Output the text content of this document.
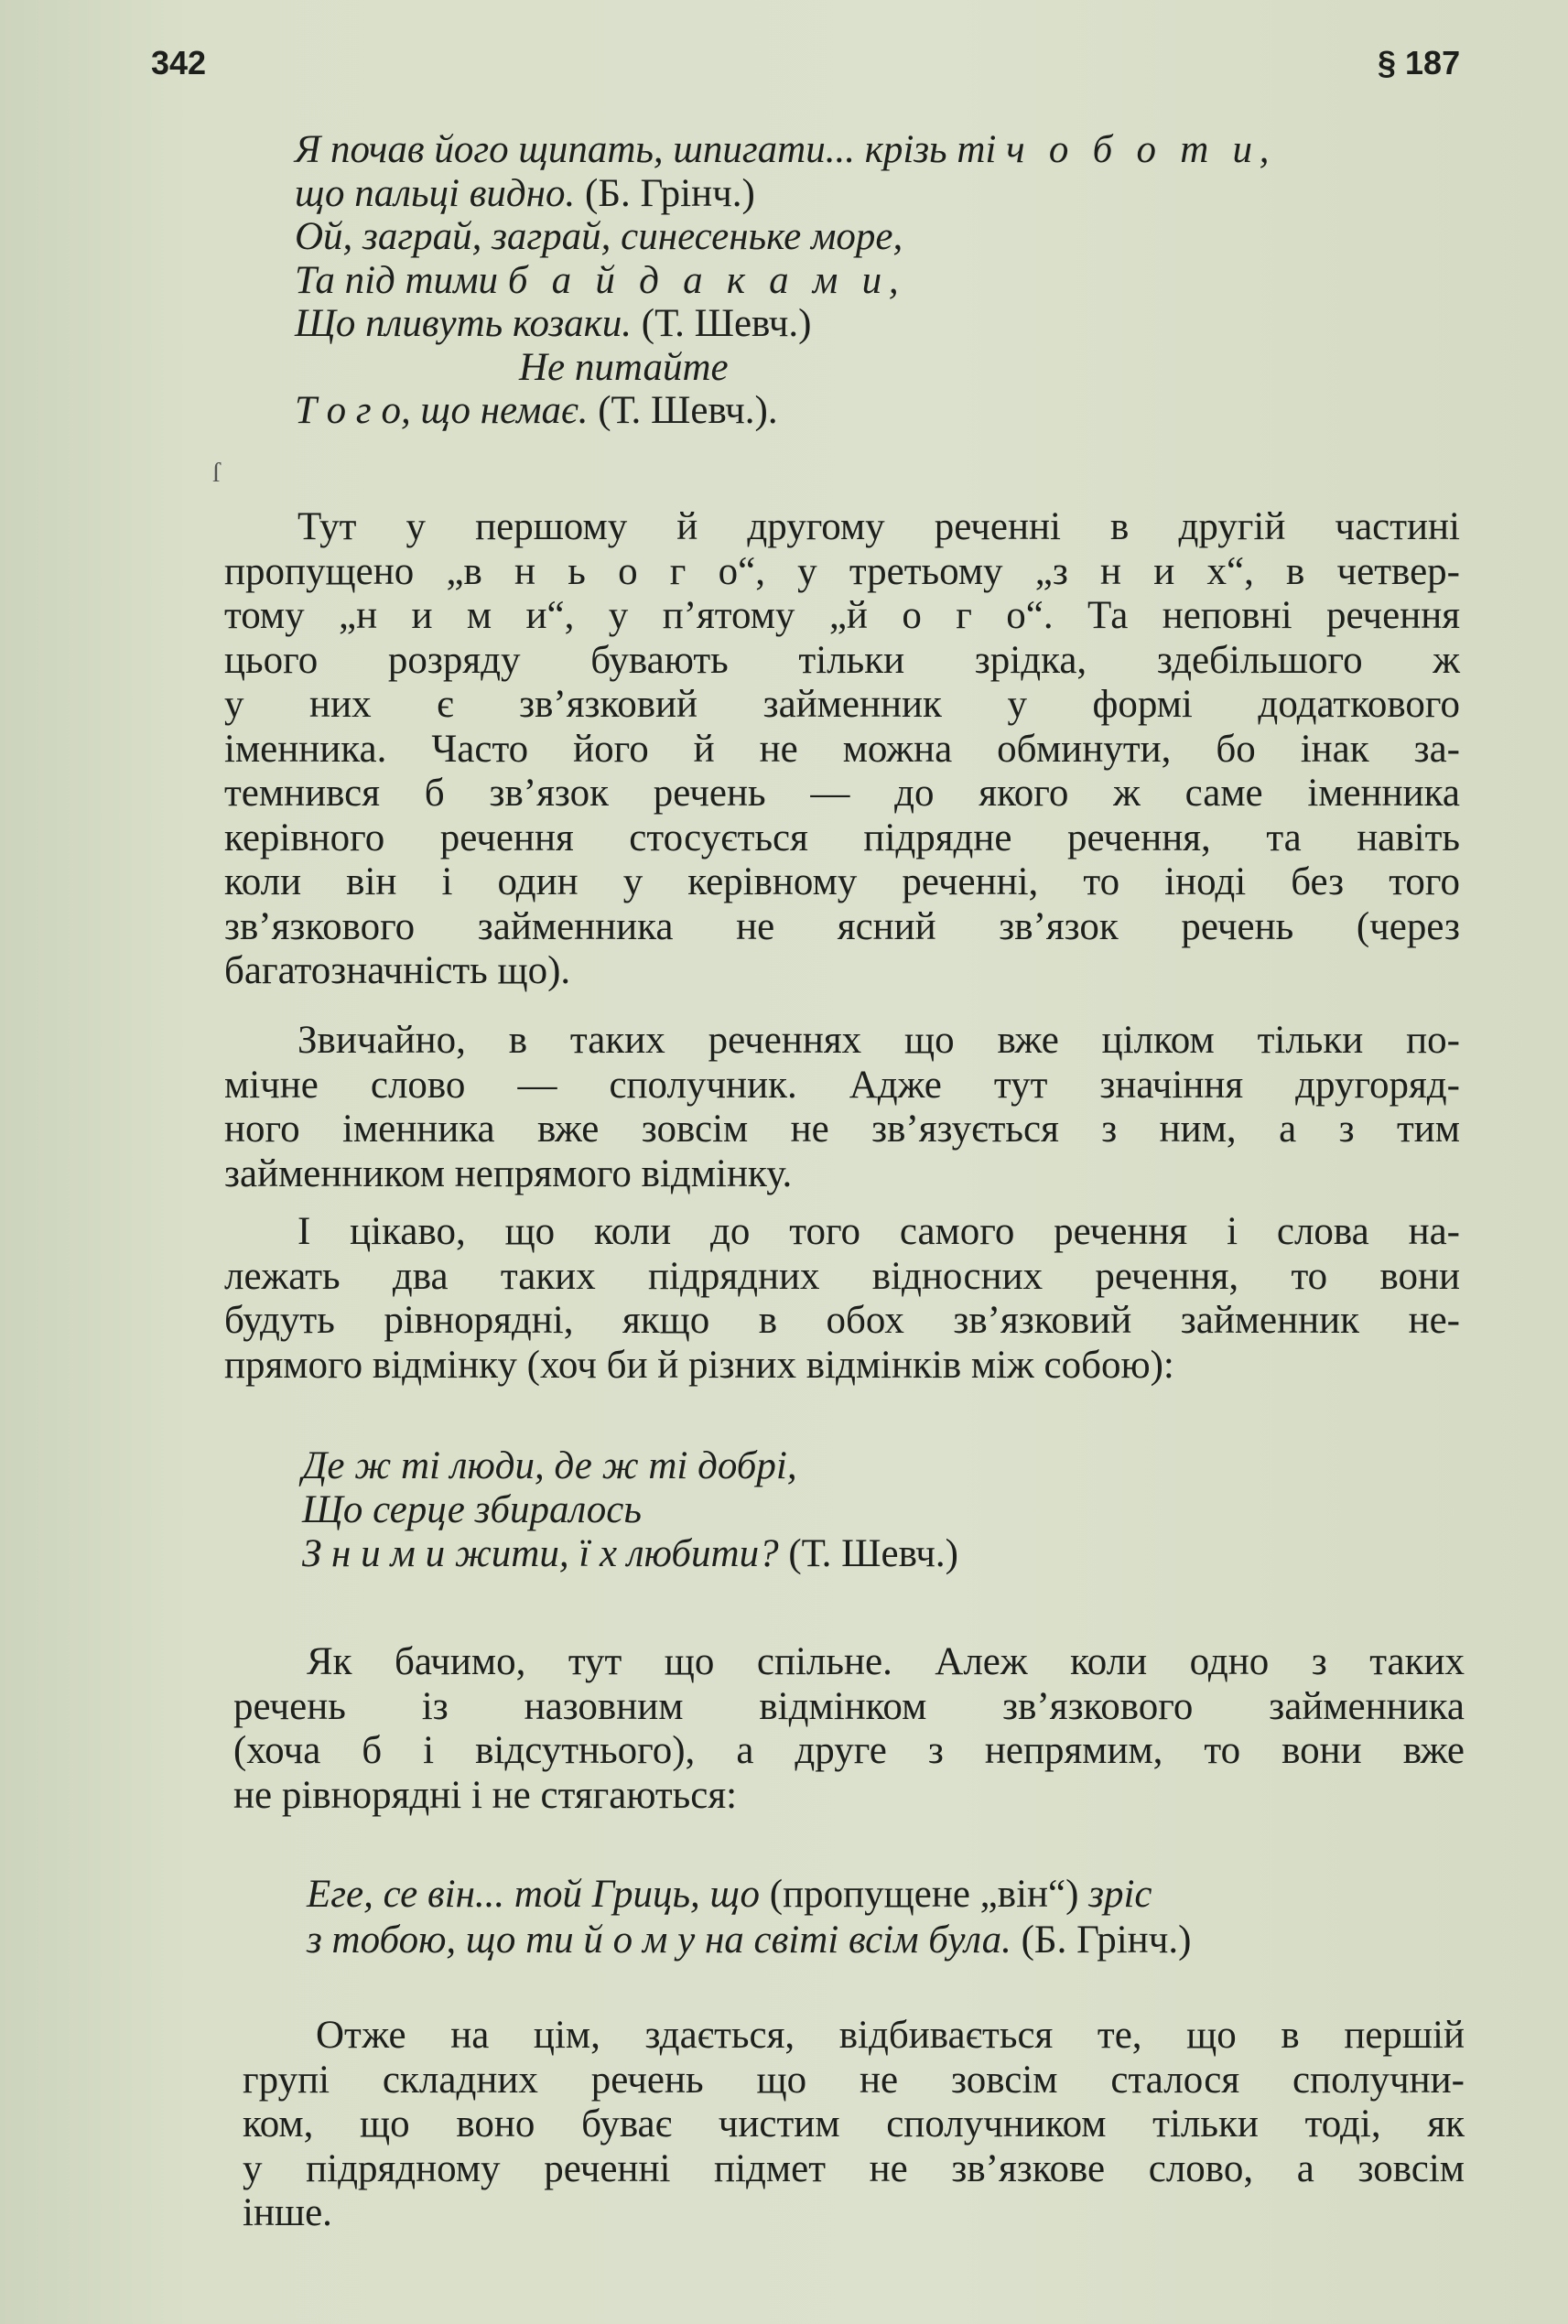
342	§ 187
Я почав його щипать, шпигати... крізь ті ч о б о т и,
що пальці видно. (Б. Грінч.)
Ой, заграй, заграй, синесеньке море,
Та під тими б а й д а к а м и,
Що пливуть козаки. (Т. Шевч.)
Не питайте
Т о г о, що немає. (Т. Шевч.).
ſ
Тут у першому й другому реченні в другій частині
пропущено „в н ь о г о“, у третьому „з н и х“, в четвер-
тому „н и м и“, у п’ятому „й о г о“. Та неповні речення
цього розряду бувають тільки зрідка, здебільшого ж
у них є зв’язковий займенник у формі додаткового
іменника. Часто його й не можна обминути, бо інак за-
темнився б зв’язок речень — до якого ж саме іменника
керівного речення стосується підрядне речення, та навіть
коли він і один у керівному реченні, то іноді без того
зв’язкового займенника не ясний зв’язок речень (через
багатозначність що).
Звичайно, в таких реченнях що вже цілком тільки по-
мічне слово — сполучник. Адже тут значіння другоряд-
ного іменника вже зовсім не зв’язується з ним, а з тим
займенником непрямого відмінку.
І цікаво, що коли до того самого речення і слова на-
лежать два таких підрядних відносних речення, то вони
будуть рівнорядні, якщо в обох зв’язковий займенник не-
прямого відмінку (хоч би й різних відмінків між собою):
Де ж ті люди, де ж ті добрі,
Що серце збиралось
З н и м и жити, ї х любити? (Т. Шевч.)
Як бачимо, тут що спільне. Алеж коли одно з таких
речень із назовним відмінком зв’язкового займенника
(хоча б і відсутнього), а друге з непрямим, то вони вже
не рівнорядні і не стягаються:
Еге, се він... той Гриць, що (пропущене „він“) зріс
з тобою, що ти й о м у на світі всім була. (Б. Грінч.)
Отже на цім, здається, відбивається те, що в першій
групі складних речень що не зовсім сталося сполучни-
ком, що воно буває чистим сполучником тільки тоді, як
у підрядному реченні підмет не зв’язкове слово, а зовсім
інше.
